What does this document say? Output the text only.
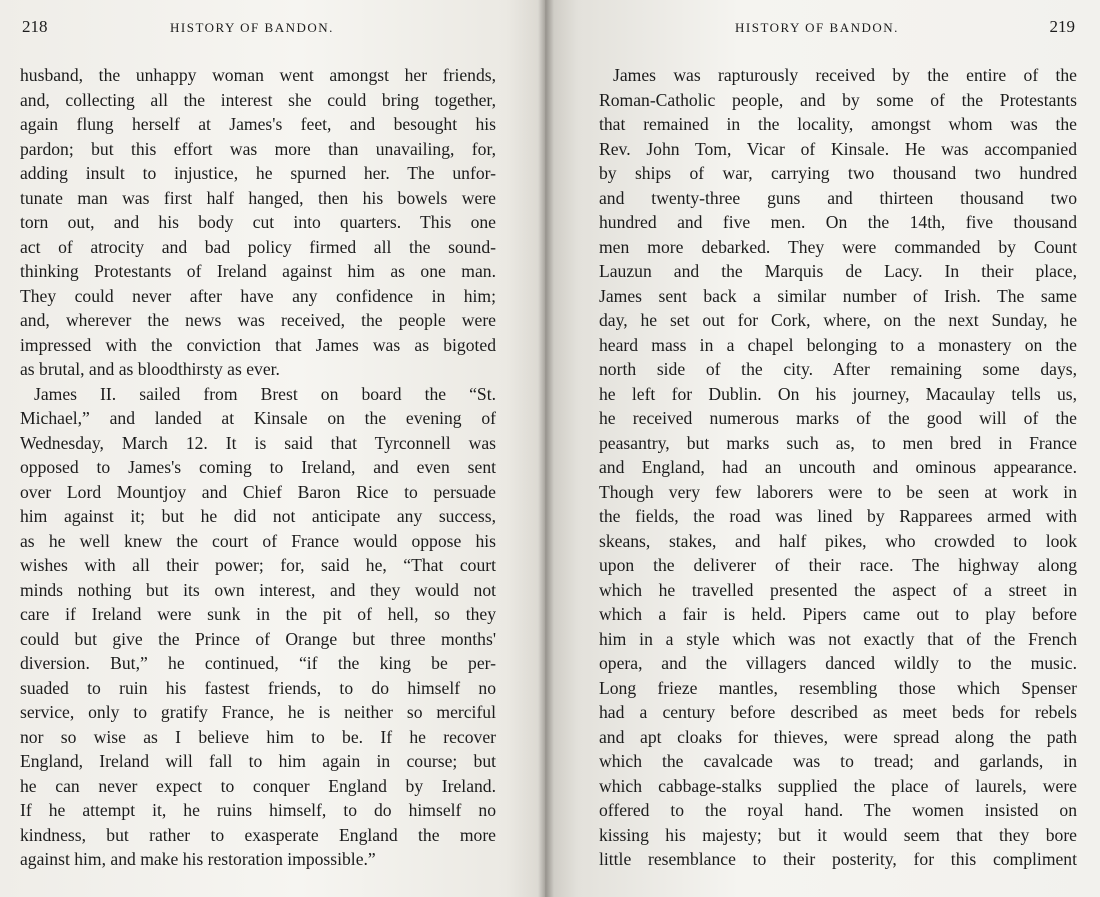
218	HISTORY OF BANDON.
husband, the unhappy woman went amongst her friends,
and, collecting all the interest she could bring together,
again flung herself at James's feet, and besought his
pardon; but this effort was more than unavailing, for,
adding insult to injustice, he spurned her. The unfor-
tunate man was first half hanged, then his bowels were
torn out, and his body cut into quarters. This one
act of atrocity and bad policy firmed all the sound-
thinking Protestants of Ireland against him as one man.
They could never after have any confidence in him;
and, wherever the news was received, the people were
impressed with the conviction that James was as bigoted
as brutal, and as bloodthirsty as ever.
James II. sailed from Brest on board the “St.
Michael,” and landed at Kinsale on the evening of
Wednesday, March 12. It is said that Tyrconnell was
opposed to James's coming to Ireland, and even sent
over Lord Mountjoy and Chief Baron Rice to persuade
him against it; but he did not anticipate any success,
as he well knew the court of France would oppose his
wishes with all their power; for, said he, “That court
minds nothing but its own interest, and they would not
care if Ireland were sunk in the pit of hell, so they
could but give the Prince of Orange but three months'
diversion. But,” he continued, “if the king be per-
suaded to ruin his fastest friends, to do himself no
service, only to gratify France, he is neither so merciful
nor so wise as I believe him to be. If he recover
England, Ireland will fall to him again in course; but
he can never expect to conquer England by Ireland.
If he attempt it, he ruins himself, to do himself no
kindness, but rather to exasperate England the more
against him, and make his restoration impossible.”
HISTORY OF BANDON.	219
James was rapturously received by the entire of the
Roman-Catholic people, and by some of the Protestants
that remained in the locality, amongst whom was the
Rev. John Tom, Vicar of Kinsale. He was accompanied
by ships of war, carrying two thousand two hundred
and twenty-three guns and thirteen thousand two
hundred and five men. On the 14th, five thousand
men more debarked. They were commanded by Count
Lauzun and the Marquis de Lacy. In their place,
James sent back a similar number of Irish. The same
day, he set out for Cork, where, on the next Sunday, he
heard mass in a chapel belonging to a monastery on the
north side of the city. After remaining some days,
he left for Dublin. On his journey, Macaulay tells us,
he received numerous marks of the good will of the
peasantry, but marks such as, to men bred in France
and England, had an uncouth and ominous appearance.
Though very few laborers were to be seen at work in
the fields, the road was lined by Rapparees armed with
skeans, stakes, and half pikes, who crowded to look
upon the deliverer of their race. The highway along
which he travelled presented the aspect of a street in
which a fair is held. Pipers came out to play before
him in a style which was not exactly that of the French
opera, and the villagers danced wildly to the music.
Long frieze mantles, resembling those which Spenser
had a century before described as meet beds for rebels
and apt cloaks for thieves, were spread along the path
which the cavalcade was to tread; and garlands, in
which cabbage-stalks supplied the place of laurels, were
offered to the royal hand. The women insisted on
kissing his majesty; but it would seem that they bore
little resemblance to their posterity, for this compliment
